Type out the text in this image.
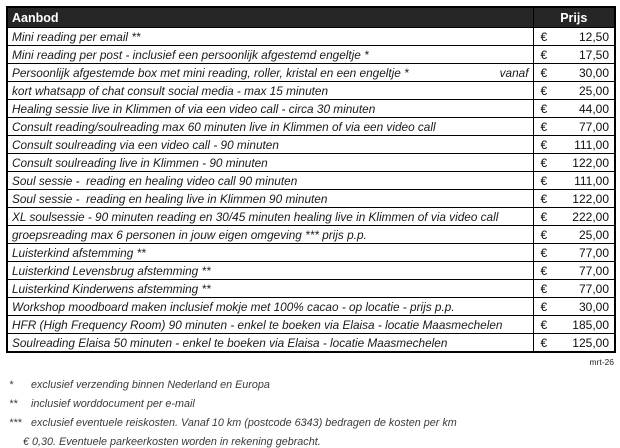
Aanbod	Prijs

Mini reading per email **	€ 12,50

Mini reading per post - inclusief een persoonlijk afgestemd engeltje *	€ 17,50

Persoonlijk afgestemde box met mini reading, roller, kristal en een engeltje * vanaf	€ 30,00

kort whatsapp of chat consult social media - max 15 minuten	€ 25,00

Healing sessie live in Klimmen of via een video call - circa 30 minuten	€ 44,00

Consult reading/soulreading max 60 minuten live in Klimmen of via een video call	€ 77,00

Consult soulreading via een video call - 90 minuten	€ 111,00

Consult soulreading live in Klimmen - 90 minuten	€ 122,00

Soul sessie -  reading en healing video call 90 minuten	€ 111,00

Soul sessie -  reading en healing live in Klimmen 90 minuten	€ 122,00

XL soulsessie - 90 minuten reading en 30/45 minuten healing live in Klimmen of via video call	€ 222,00

groepsreading max 6 personen in jouw eigen omgeving *** prijs p.p.	€ 25,00

Luisterkind afstemming **	€ 77,00

Luisterkind Levensbrug afstemming **	€ 77,00

Luisterkind Kinderwens afstemming **	€ 77,00

Workshop moodboard maken inclusief mokje met 100% cacao - op locatie - prijs p.p.	€ 30,00

HFR (High Frequency Room) 90 minuten - enkel te boeken via Elaisa - locatie Maasmechelen	€ 185,00

Soulreading Elaisa 50 minuten - enkel te boeken via Elaisa - locatie Maasmechelen	€ 125,00
mrt-26
*	exclusief verzending binnen Nederland en Europa
**	inclusief worddocument per e-mail
*** exclusief eventuele reiskosten. Vanaf 10 km (postcode 6343) bedragen de kosten per km
€ 0,30. Eventuele parkeerkosten worden in rekening gebracht.
